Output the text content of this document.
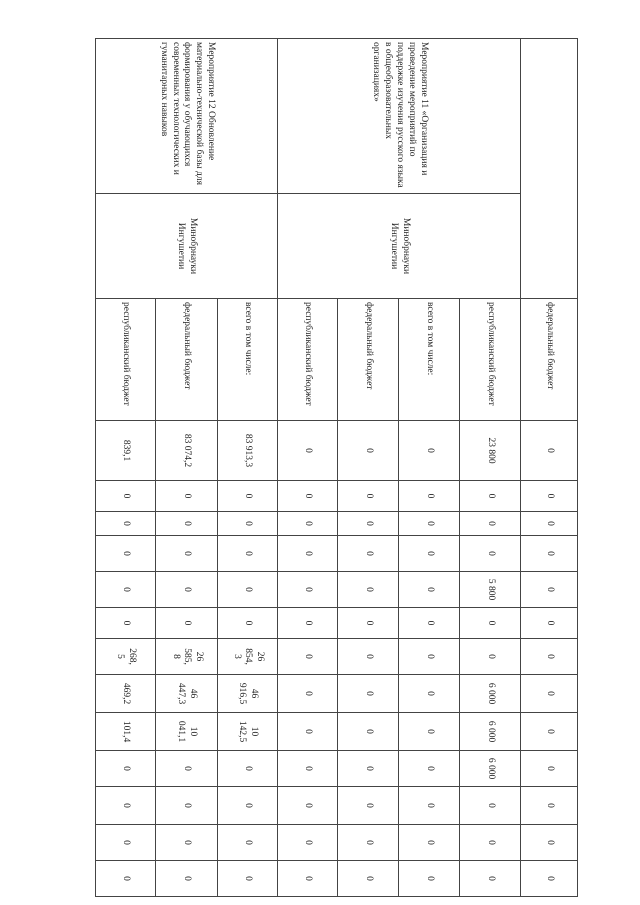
		федеральный бюджет	0	0	0	0	0	0	0	0	0	0	0	0	0
Мероприятие 11 «Организация и проведение мероприятий по поддержке изучения русского языка в общеобразовательных организациях»	Минобрнауки Ингушетии	республиканский бюджет	23 800	0	0	0	5 800	0	0	6 000	6 000	6 000	0	0	0
		всего в том числе:	0	0	0	0	0	0	0	0	0	0	0	0	0
		федеральный бюджет	0	0	0	0	0	0	0	0	0	0	0	0	0
		республиканский бюджет	0	0	0	0	0	0	0	0	0	0	0	0	0
Мероприятие 12 Обновление материально-технической базы для формирования у обучающихся современных технологических и гуманитарных навыков	Минобрнауки Ингушетии	всего в том числе:	83 913,3	0	0	0	0	0	26
854,
3	46
916,5	10
142,5	0	0	0	0
		федеральный бюджет	83 074,2	0	0	0	0	0	26
585,
8	46
447,3	10
041,1	0	0	0	0
		республиканский бюджет	839,1	0	0	0	0	0	268,
5	469,2	101,4	0	0	0	0
